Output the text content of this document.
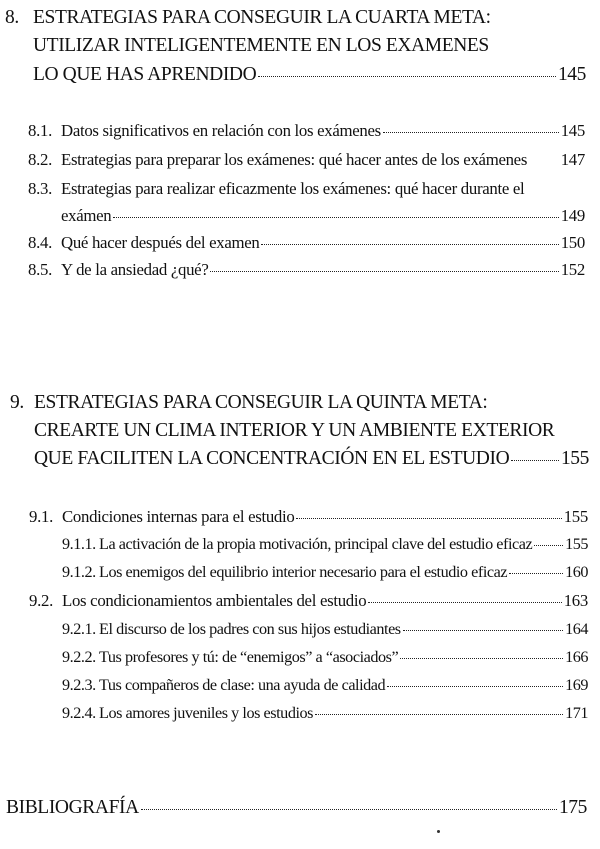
8. ESTRATEGIAS PARA CONSEGUIR LA CUARTA META:
UTILIZAR INTELIGENTEMENTE EN LOS EXAMENES
LO QUE HAS APRENDIDO	145
8.1. Datos significativos en relación con los exámenes	145
8.2. Estrategias para preparar los exámenes: qué hacer antes de los exámenes 147
8.3. Estrategias para realizar eficazmente los exámenes: qué hacer durante el
exámen	149
8.4. Qué hacer después del examen	150
8.5. Y de la ansiedad ¿qué?	152
9. ESTRATEGIAS PARA CONSEGUIR LA QUINTA META:
CREARTE UN CLIMA INTERIOR Y UN AMBIENTE EXTERIOR
QUE FACILITEN LA CONCENTRACIÓN EN EL ESTUDIO	155
9.1. Condiciones internas para el estudio	155
9.1.1. La activación de la propia motivación, principal clave del estudio eficaz 155
9.1.2. Los enemigos del equilibrio interior necesario para el estudio eficaz	160
9.2. Los condicionamientos ambientales del estudio	163
9.2.1. El discurso de los padres con sus hijos estudiantes	164
9.2.2. Tus profesores y tú: de “enemigos” a “asociados”	166
9.2.3. Tus compañeros de clase: una ayuda de calidad	169
9.2.4. Los amores juveniles y los estudios	171
BIBLIOGRAFÍA	175
